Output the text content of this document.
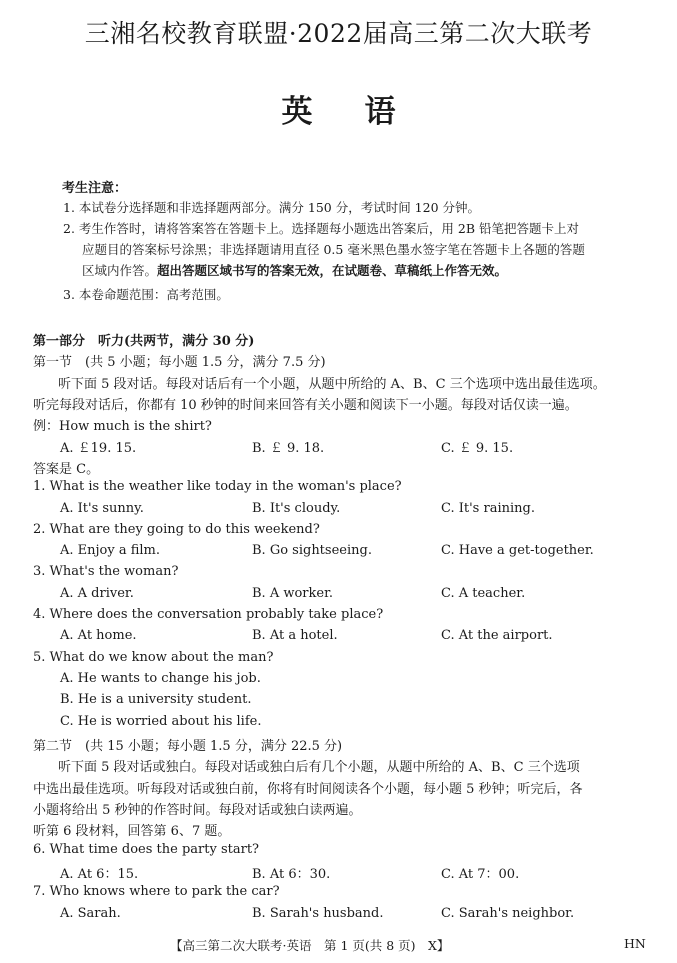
三湘名校教育联盟·2022届高三第二次大联考
英语
考生注意：
1. 本试卷分选择题和非选择题两部分。满分 150 分，考试时间 120 分钟。
2. 考生作答时，请将答案答在答题卡上。选择题每小题选出答案后，用 2B 铅笔把答题卡上对
应题目的答案标号涂黑；非选择题请用直径 0.5 毫米黑色墨水签字笔在答题卡上各题的答题
区域内作答。超出答题区域书写的答案无效，在试题卷、草稿纸上作答无效。
3. 本卷命题范围：高考范围。
第一部分　听力(共两节，满分 30 分)
第一节　(共 5 小题；每小题 1.5 分，满分 7.5 分)
听下面 5 段对话。每段对话后有一个小题，从题中所给的 A、B、C 三个选项中选出最佳选项。
听完每段对话后，你都有 10 秒钟的时间来回答有关小题和阅读下一小题。每段对话仅读一遍。
例：How much is the shirt?
A. ￡19. 15.	B. ￡ 9. 18.	C. ￡ 9. 15.
答案是 C。
1. What is the weather like today in the woman's place?
A. It's sunny.	B. It's cloudy.	C. It's raining.
2. What are they going to do this weekend?
A. Enjoy a film.	B. Go sightseeing.	C. Have a get-together.
3. What's the woman?
A. A driver.	B. A worker.	C. A teacher.
4. Where does the conversation probably take place?
A. At home.	B. At a hotel.	C. At the airport.
5. What do we know about the man?
A. He wants to change his job.
B. He is a university student.
C. He is worried about his life.
第二节　(共 15 小题；每小题 1.5 分，满分 22.5 分)
听下面 5 段对话或独白。每段对话或独白后有几个小题，从题中所给的 A、B、C 三个选项
中选出最佳选项。听每段对话或独白前，你将有时间阅读各个小题，每小题 5 秒钟；听完后，各
小题将给出 5 秒钟的作答时间。每段对话或独白读两遍。
听第 6 段材料，回答第 6、7 题。
6. What time does the party start?
A. At 6：15.	B. At 6：30.	C. At 7：00.
7. Who knows where to park the car?
A. Sarah.	B. Sarah's husband.	C. Sarah's neighbor.
【高三第二次大联考·英语　第 1 页(共 8 页)　X】	HN
